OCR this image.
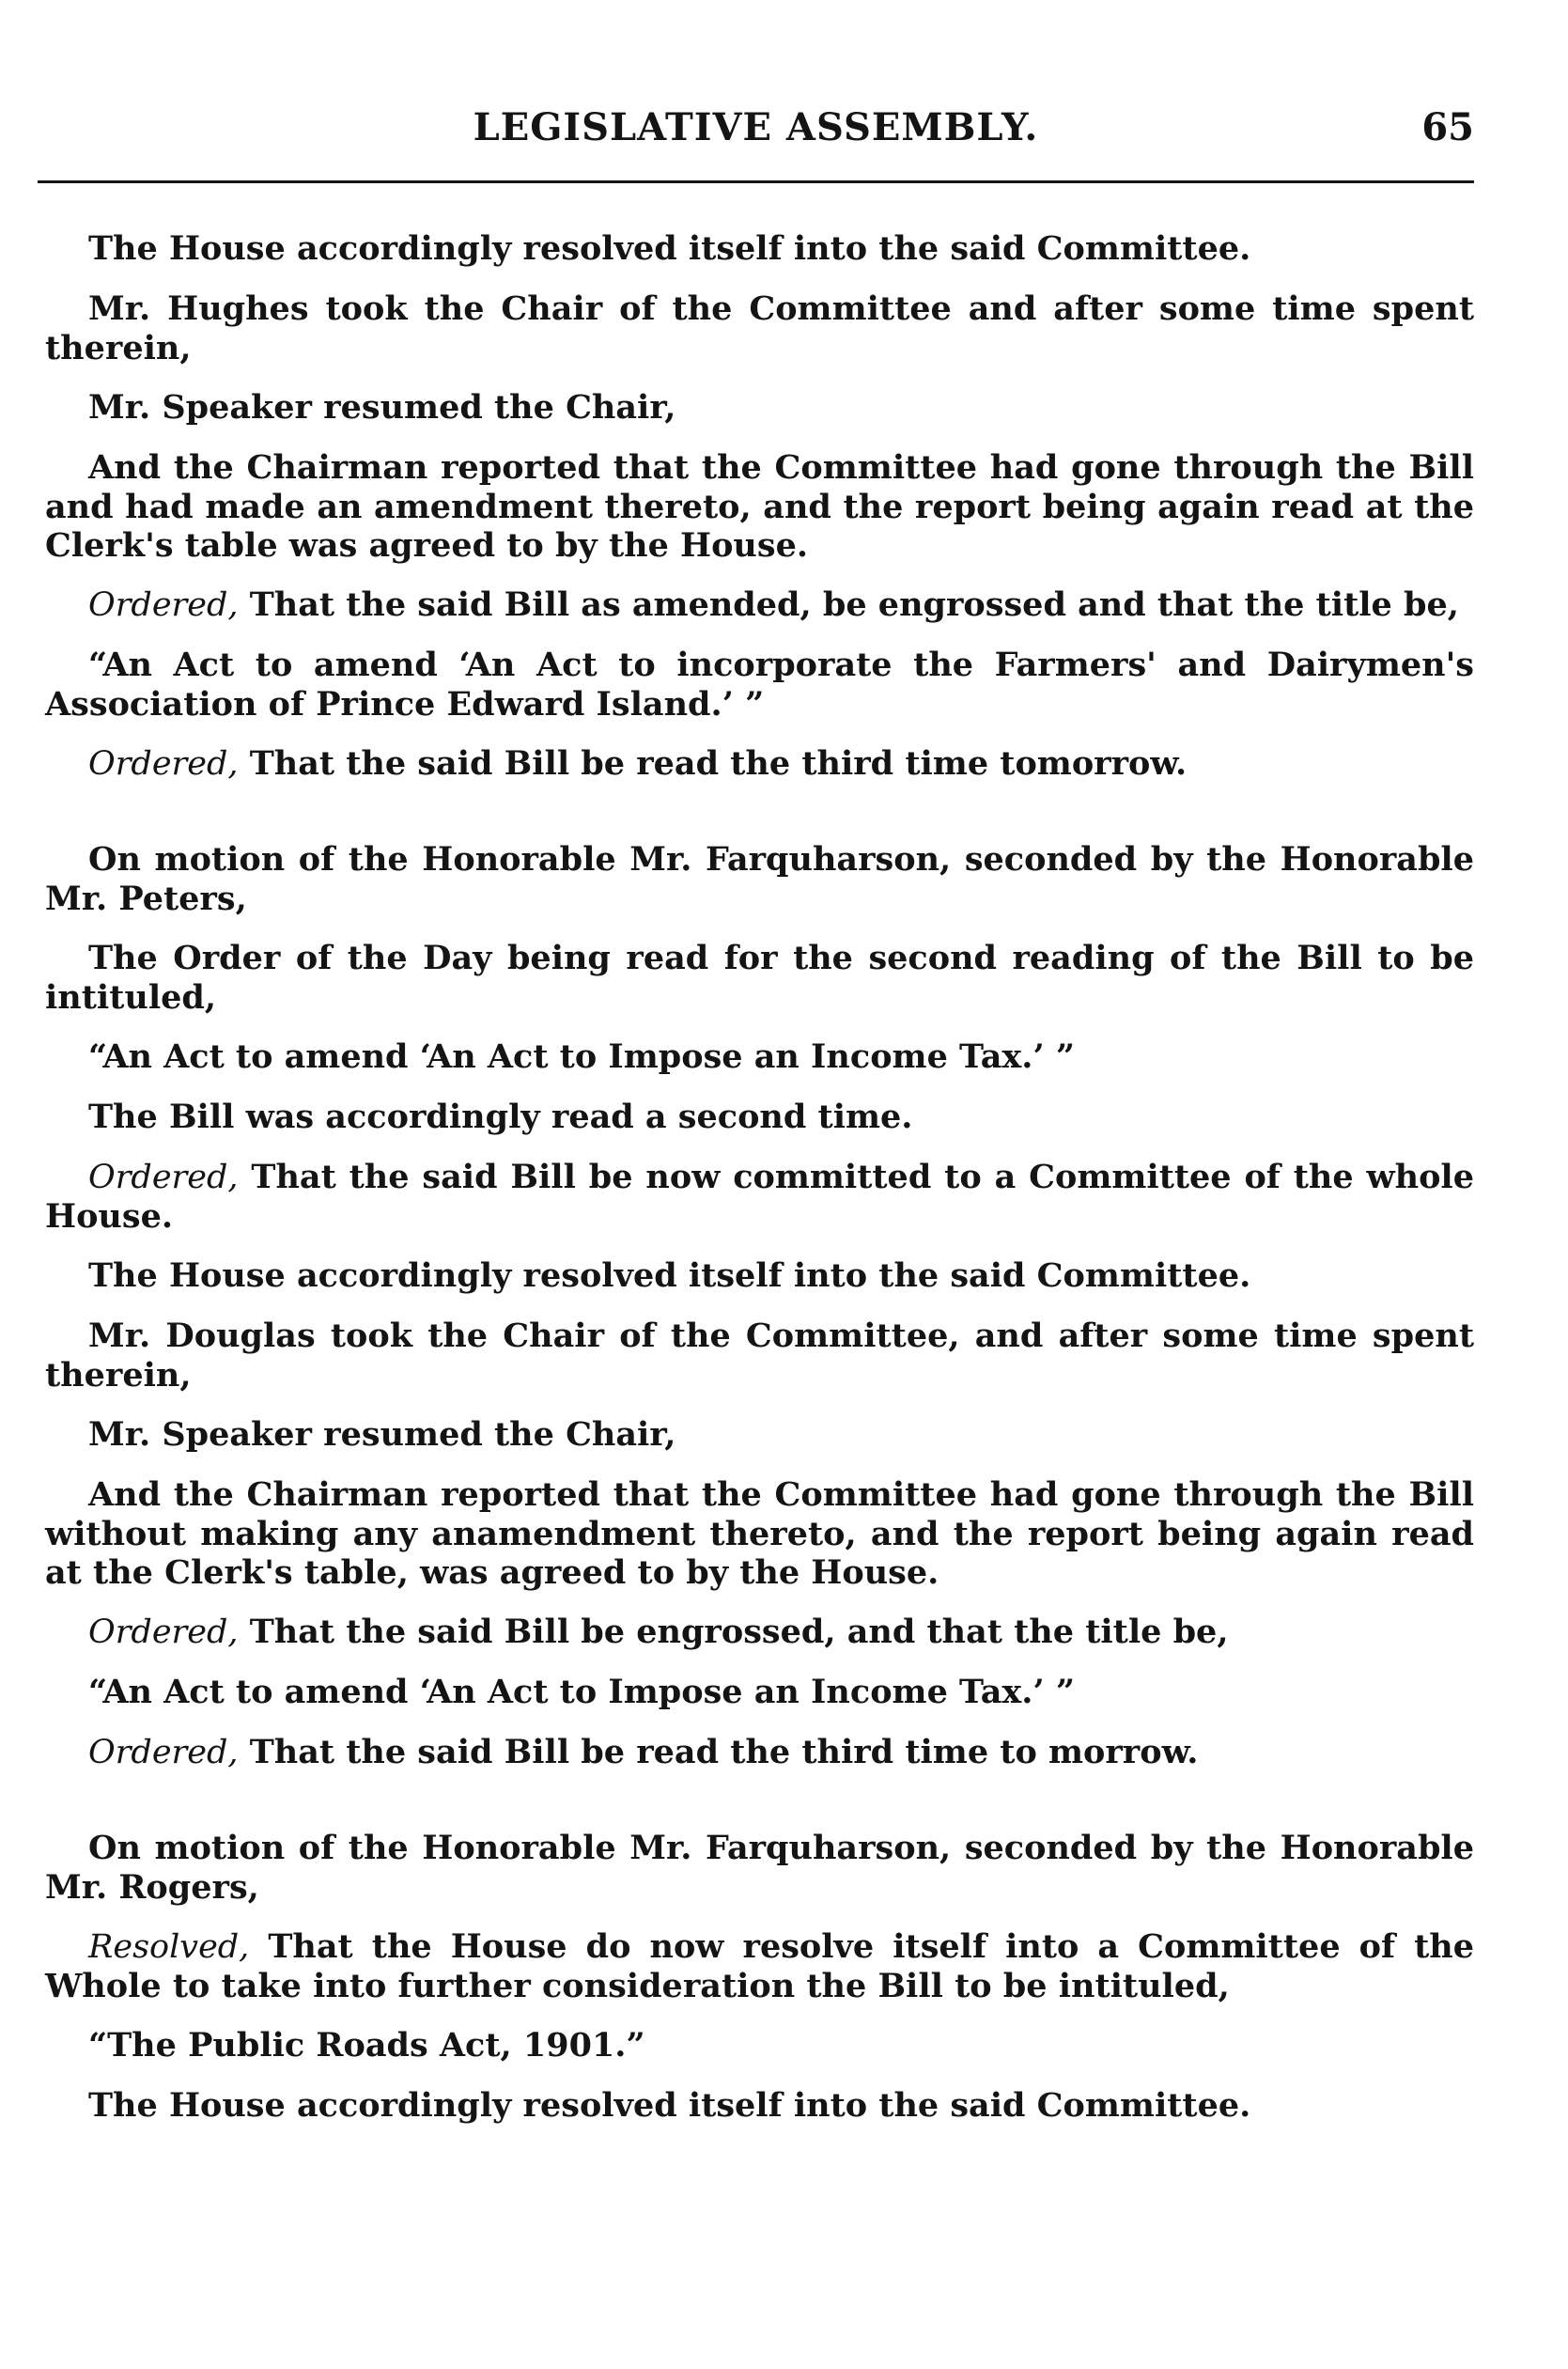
LEGISLATIVE ASSEMBLY.	65

The House accordingly resolved itself into the said Committee.

Mr. Hughes took the Chair of the Committee and after some time spent therein,

Mr. Speaker resumed the Chair,

And the Chairman reported that the Committee had gone through the Bill and had made an amendment thereto, and the report being again read at the Clerk's table was agreed to by the House.

Ordered, That the said Bill as amended, be engrossed and that the title be,

“An Act to amend ‘An Act to incorporate the Farmers' and Dairymen's Association of Prince Edward Island.’ ”

Ordered, That the said Bill be read the third time tomorrow.

On motion of the Honorable Mr. Farquharson, seconded by the Honorable Mr. Peters,

The Order of the Day being read for the second reading of the Bill to be intituled,

“An Act to amend ‘An Act to Impose an Income Tax.’ ”

The Bill was accordingly read a second time.

Ordered, That the said Bill be now committed to a Committee of the whole House.

The House accordingly resolved itself into the said Committee.

Mr. Douglas took the Chair of the Committee, and after some time spent therein,

Mr. Speaker resumed the Chair,

And the Chairman reported that the Committee had gone through the Bill without making any anamendment thereto, and the report being again read at the Clerk's table, was agreed to by the House.

Ordered, That the said Bill be engrossed, and that the title be,

“An Act to amend ‘An Act to Impose an Income Tax.’ ”

Ordered, That the said Bill be read the third time to morrow.

On motion of the Honorable Mr. Farquharson, seconded by the Honorable Mr. Rogers,

Resolved, That the House do now resolve itself into a Committee of the Whole to take into further consideration the Bill to be intituled,

“The Public Roads Act, 1901.”

The House accordingly resolved itself into the said Committee.
